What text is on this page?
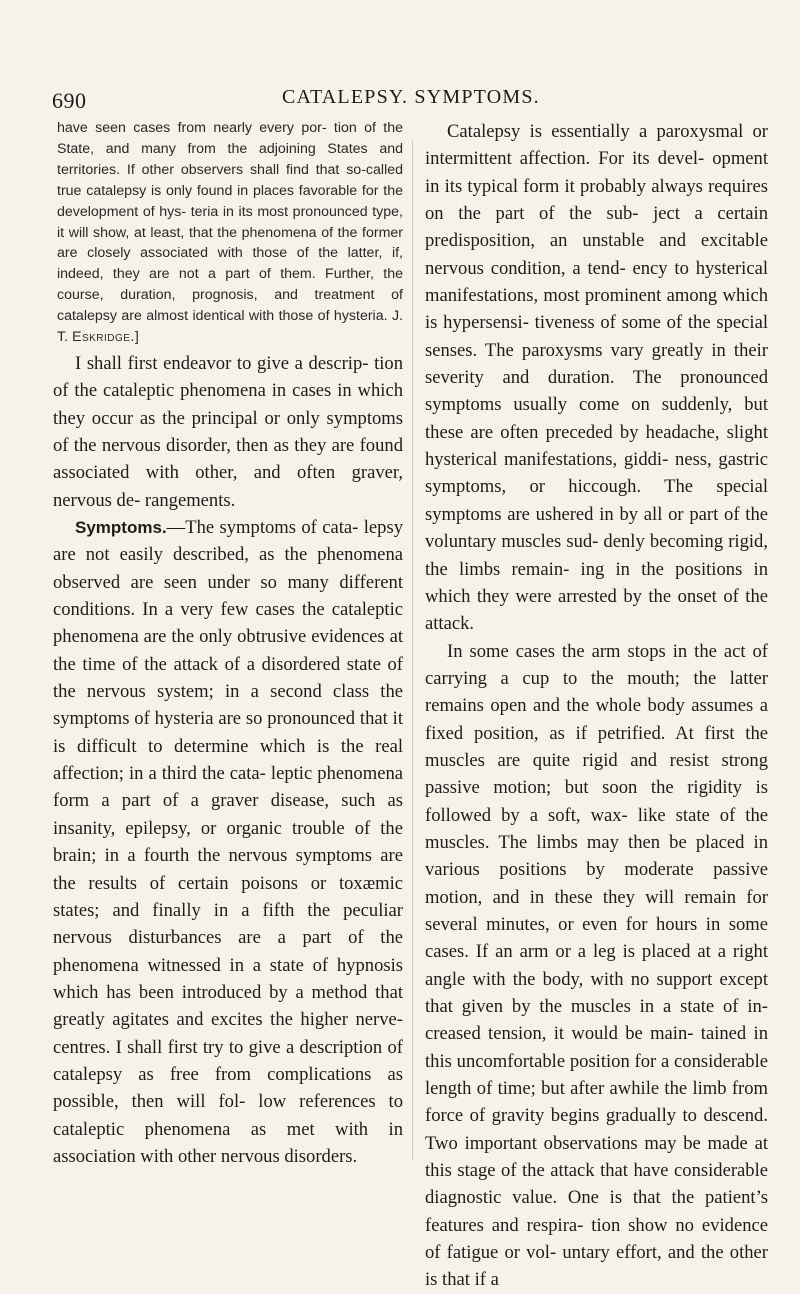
690	CATALEPSY. SYMPTOMS.

have seen cases from nearly every por- tion of the State, and many from the adjoining States and territories. If other observers shall find that so-called true catalepsy is only found in places favorable for the development of hys- teria in its most pronounced type, it will show, at least, that the phenomena of the former are closely associated with those of the latter, if, indeed, they are not a part of them. Further, the course, duration, prognosis, and treatment of catalepsy are almost identical with those of hysteria. J. T. Eskridge.]

I shall first endeavor to give a descrip- tion of the cataleptic phenomena in cases in which they occur as the principal or only symptoms of the nervous disorder, then as they are found associated with other, and often graver, nervous de- rangements.

Symptoms.—The symptoms of cata- lepsy are not easily described, as the phenomena observed are seen under so many different conditions. In a very few cases the cataleptic phenomena are the only obtrusive evidences at the time of the attack of a disordered state of the nervous system; in a second class the symptoms of hysteria are so pronounced that it is difficult to determine which is the real affection; in a third the cata- leptic phenomena form a part of a graver disease, such as insanity, epilepsy, or organic trouble of the brain; in a fourth the nervous symptoms are the results of certain poisons or toxæmic states; and finally in a fifth the peculiar nervous disturbances are a part of the phenomena witnessed in a state of hypnosis which has been introduced by a method that greatly agitates and excites the higher nerve-centres. I shall first try to give a description of catalepsy as free from complications as possible, then will fol- low references to cataleptic phenomena as met with in association with other nervous disorders.

Catalepsy is essentially a paroxysmal or intermittent affection. For its devel- opment in its typical form it probably always requires on the part of the sub- ject a certain predisposition, an unstable and excitable nervous condition, a tend- ency to hysterical manifestations, most prominent among which is hypersensi- tiveness of some of the special senses. The paroxysms vary greatly in their severity and duration. The pronounced symptoms usually come on suddenly, but these are often preceded by headache, slight hysterical manifestations, giddi- ness, gastric symptoms, or hiccough. The special symptoms are ushered in by all or part of the voluntary muscles sud- denly becoming rigid, the limbs remain- ing in the positions in which they were arrested by the onset of the attack.

In some cases the arm stops in the act of carrying a cup to the mouth; the latter remains open and the whole body assumes a fixed position, as if petrified. At first the muscles are quite rigid and resist strong passive motion; but soon the rigidity is followed by a soft, wax- like state of the muscles. The limbs may then be placed in various positions by moderate passive motion, and in these they will remain for several minutes, or even for hours in some cases. If an arm or a leg is placed at a right angle with the body, with no support except that given by the muscles in a state of in- creased tension, it would be main- tained in this uncomfortable position for a considerable length of time; but after awhile the limb from force of gravity begins gradually to descend. Two important observations may be made at this stage of the attack that have considerable diagnostic value. One is that the patient’s features and respira- tion show no evidence of fatigue or vol- untary effort, and the other is that if a
